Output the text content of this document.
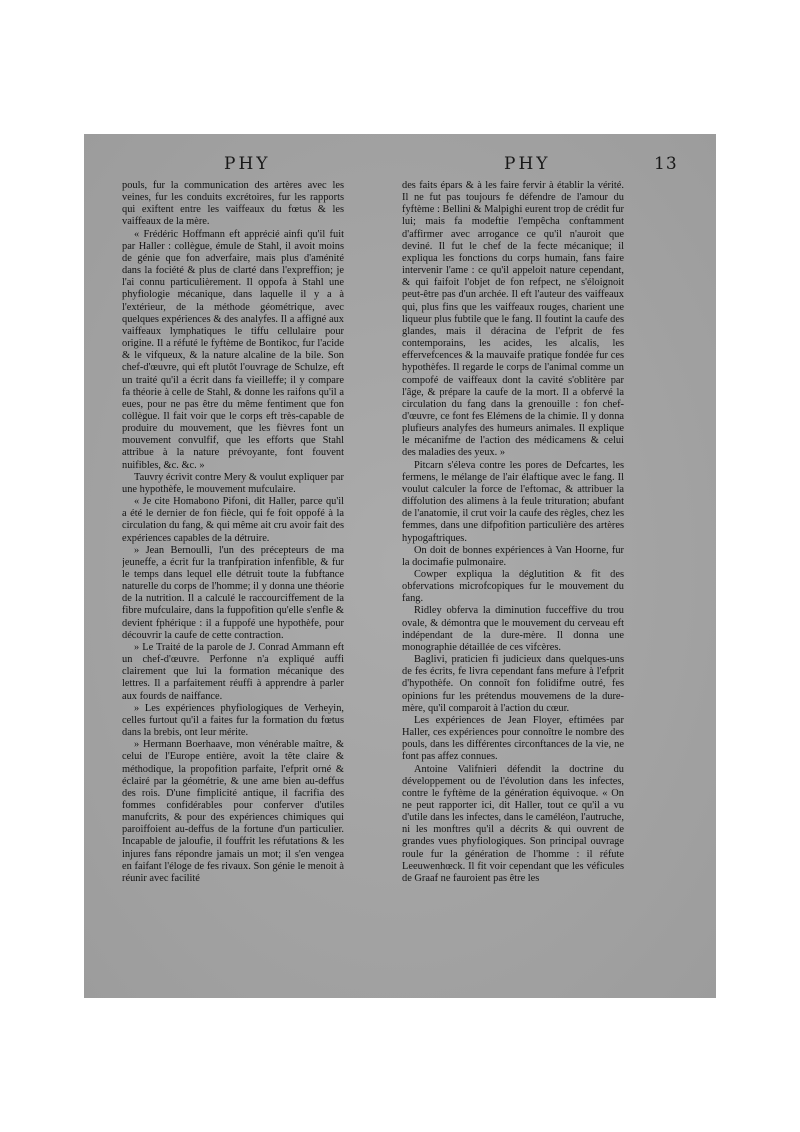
PHY	PHY	13

pouls, fur la communication des artères avec les veines, fur les conduits excrétoires, fur les rapports qui exiftent entre les vaiffeaux du fœtus & les vaiffeaux de la mère.

« Frédéric Hoffmann eft apprécié ainfi qu'il fuit par Haller : collègue, émule de Stahl, il avoit moins de génie que fon adverfaire, mais plus d'aménité dans la fociété & plus de clarté dans l'expreffion; je l'ai connu particulièrement. Il oppofa à Stahl une phyfiologie mécanique, dans laquelle il y a à l'extérieur, de la méthode géométrique, avec quelques expériences & des analyfes. Il a affigné aux vaiffeaux lymphatiques le tiffu cellulaire pour origine. Il a réfuté le fyftème de Bontikoc, fur l'acide & le vifqueux, & la nature alcaline de la bile. Son chef-d'œuvre, qui eft plutôt l'ouvrage de Schulze, eft un traité qu'il a écrit dans fa vieilleffe; il y compare fa théorie à celle de Stahl, & donne les raifons qu'il a eues, pour ne pas être du même fentiment que fon collègue. Il fait voir que le corps eft très-capable de produire du mouvement, que les fièvres font un mouvement convulfif, que les efforts que Stahl attribue à la nature prévoyante, font fouvent nuifibles, &c. &c. »

Tauvry écrivit contre Mery & voulut expliquer par une hypothèfe, le mouvement mufculaire.

« Je cite Homabono Pifoni, dit Haller, parce qu'il a été le dernier de fon fiècle, qui fe foit oppofé à la circulation du fang, & qui même ait cru avoir fait des expériences capables de la détruire.

» Jean Bernoulli, l'un des précepteurs de ma jeuneffe, a écrit fur la tranfpiration infenfible, & fur le temps dans lequel elle détruit toute la fubftance naturelle du corps de l'homme; il y donna une théorie de la nutrition. Il a calculé le raccourciffement de la fibre mufculaire, dans la fuppofition qu'elle s'enfle & devient fphérique : il a fuppofé une hypothèfe, pour découvrir la caufe de cette contraction.

» Le Traité de la parole de J. Conrad Ammann eft un chef-d'œuvre. Perfonne n'a expliqué auffi clairement que lui la formation mécanique des lettres. Il a parfaitement réuffi à apprendre à parler aux fourds de naiffance.

» Les expériences phyfiologiques de Verheyin, celles furtout qu'il a faites fur la formation du fœtus dans la brebis, ont leur mérite.

» Hermann Boerhaave, mon vénérable maître, & celui de l'Europe entière, avoit la tête claire & méthodique, la propofition parfaite, l'efprit orné & éclairé par la géométrie, & une ame bien au-deffus des rois. D'une fimplicité antique, il facrifia des fommes confidérables pour conferver d'utiles manufcrits, & pour des expériences chimiques qui paroiffoient au-deffus de la fortune d'un particulier. Incapable de jaloufie, il fouffrit les réfutations & les injures fans répondre jamais un mot; il s'en vengea en faifant l'éloge de fes rivaux. Son génie le menoit à réunir avec facilité

des faits épars & à les faire fervir à établir la vérité. Il ne fut pas toujours fe défendre de l'amour du fyftème : Bellini & Malpighi eurent trop de crédit fur lui; mais fa modeftie l'empêcha conftamment d'affirmer avec arrogance ce qu'il n'auroit que deviné. Il fut le chef de la fecte mécanique; il expliqua les fonctions du corps humain, fans faire intervenir l'ame : ce qu'il appeloit nature cependant, & qui faifoit l'objet de fon refpect, ne s'éloignoit peut-être pas d'un archée. Il eft l'auteur des vaiffeaux qui, plus fins que les vaiffeaux rouges, charient une liqueur plus fubtile que le fang. Il foutint la caufe des glandes, mais il déracina de l'efprit de fes contemporains, les acides, les alcalis, les effervefcences & la mauvaife pratique fondée fur ces hypothèfes. Il regarde le corps de l'animal comme un compofé de vaiffeaux dont la cavité s'oblitère par l'âge, & prépare la caufe de la mort. Il a obfervé la circulation du fang dans la grenouille : fon chef-d'œuvre, ce font fes Elémens de la chimie. Il y donna plufieurs analyfes des humeurs animales. Il explique le mécanifme de l'action des médicamens & celui des maladies des yeux. »

Pitcarn s'éleva contre les pores de Defcartes, les fermens, le mélange de l'air élaftique avec le fang. Il voulut calculer la force de l'eftomac, & attribuer la diffolution des alimens à la feule trituration; abufant de l'anatomie, il crut voir la caufe des règles, chez les femmes, dans une difpofition particulière des artères hypogaftriques.

On doit de bonnes expériences à Van Hoorne, fur la docimafie pulmonaire.

Cowper expliqua la déglutition & fit des obfervations microfcopiques fur le mouvement du fang.

Ridley obferva la diminution fucceffive du trou ovale, & démontra que le mouvement du cerveau eft indépendant de la dure-mère. Il donna une monographie détaillée de ces vifcères.

Baglivi, praticien fi judicieux dans quelques-uns de fes écrits, fe livra cependant fans mefure à l'efprit d'hypothèfe. On connoît fon folidifme outré, fes opinions fur les prétendus mouvemens de la dure-mère, qu'il comparoit à l'action du cœur.

Les expériences de Jean Floyer, eftimées par Haller, ces expériences pour connoître le nombre des pouls, dans les différentes circonftances de la vie, ne font pas affez connues.

Antoine Valifnieri défendit la doctrine du développement ou de l'évolution dans les infectes, contre le fyftème de la génération équivoque. « On ne peut rapporter ici, dit Haller, tout ce qu'il a vu d'utile dans les infectes, dans le caméléon, l'autruche, ni les monftres qu'il a décrits & qui ouvrent de grandes vues phyfiologiques. Son principal ouvrage roule fur la génération de l'homme : il réfute Leeuwenhœck. Il fit voir cependant que les véficules de Graaf ne fauroient pas être les
